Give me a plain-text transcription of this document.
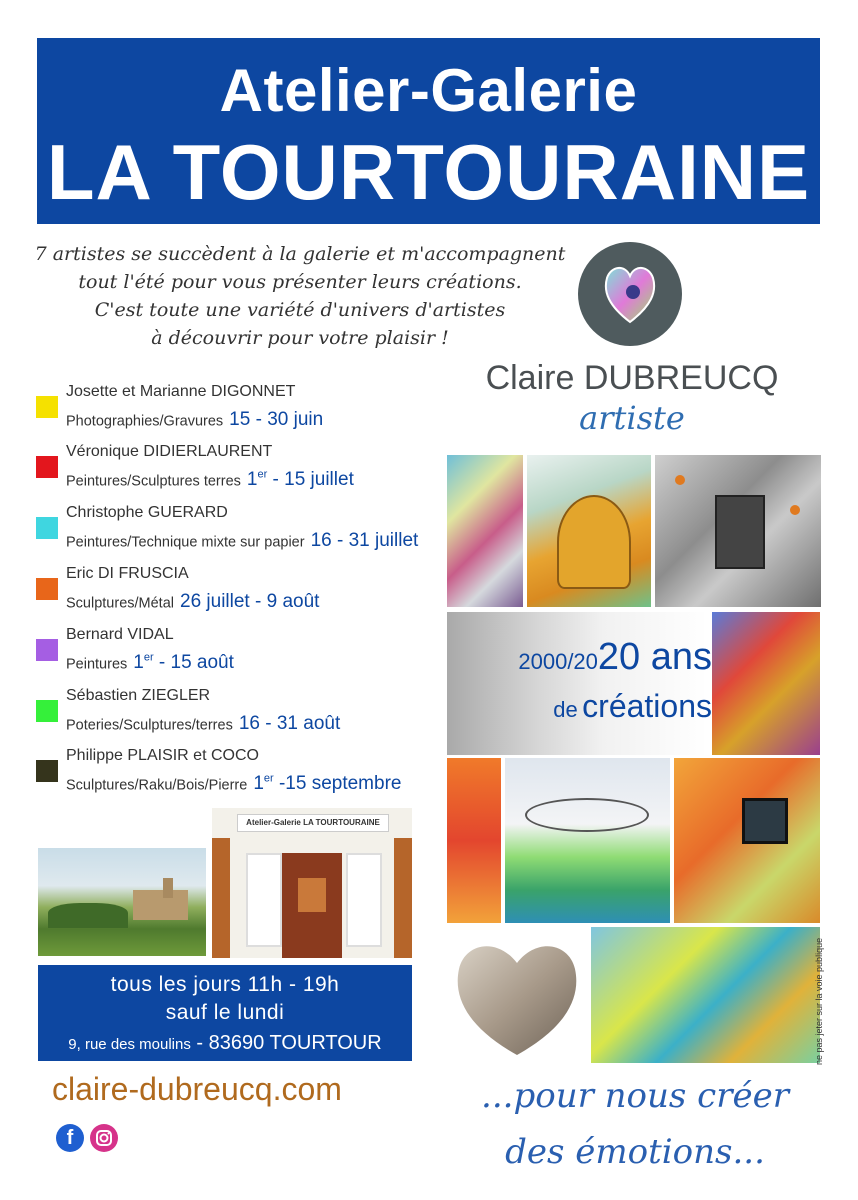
Atelier-Galerie
LA TOURTOURAINE
7 artistes se succèdent à la galerie et m'accompagnent
tout l'été pour vous présenter leurs créations.
C'est toute une variété d'univers d'artistes
à découvrir pour votre plaisir !
Claire DUBREUCQ
artiste
Josette et Marianne DIGONNET
Photographies/Gravures 15 - 30 juin
Véronique DIDIERLAURENT
Peintures/Sculptures terres 1er - 15 juillet
Christophe GUERARD
Peintures/Technique mixte sur papier 16 - 31 juillet
Eric DI FRUSCIA
Sculptures/Métal 26 juillet - 9 août
Bernard VIDAL
Peintures 1er - 15 août
Sébastien ZIEGLER
Poteries/Sculptures/terres 16 - 31 août
Philippe PLAISIR et COCO
Sculptures/Raku/Bois/Pierre 1er -15 septembre
Atelier-Galerie LA TOURTOURAINE
2000/2020 ans
de créations
tous les jours 11h - 19h
sauf le lundi
9, rue des moulins - 83690 TOURTOUR
claire-dubreucq.com
f
...pour nous créer
des émotions...
ne pas jeter sur la voie publique
